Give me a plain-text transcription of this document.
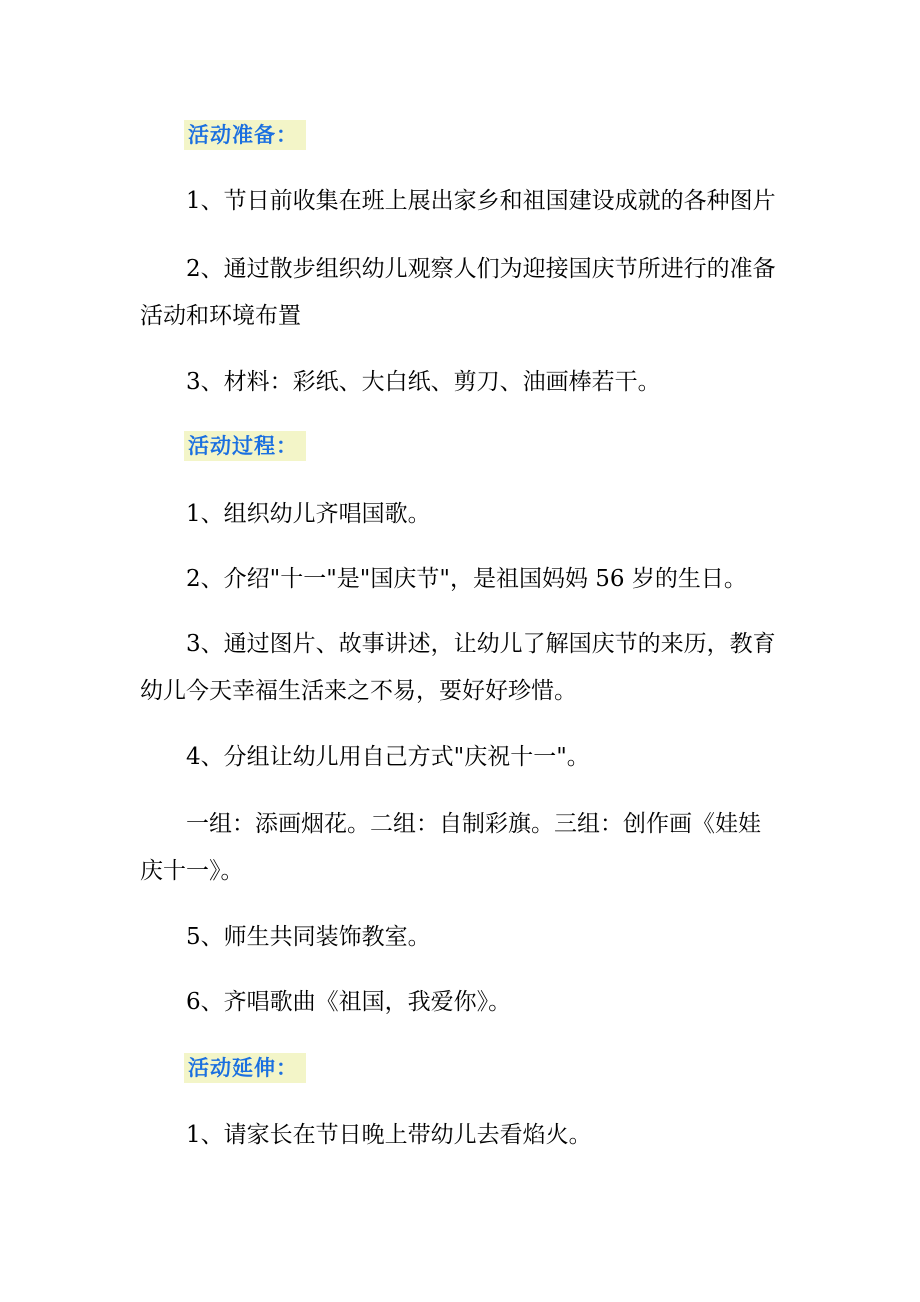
活动准备：
1、节日前收集在班上展出家乡和祖国建设成就的各种图片
2、通过散步组织幼儿观察人们为迎接国庆节所进行的准备
活动和环境布置
3、材料：彩纸、大白纸、剪刀、油画棒若干。
活动过程：
1、组织幼儿齐唱国歌。
2、介绍"十一"是"国庆节"，是祖国妈妈 56 岁的生日。
3、通过图片、故事讲述，让幼儿了解国庆节的来历，教育
幼儿今天幸福生活来之不易，要好好珍惜。
4、分组让幼儿用自己方式"庆祝十一"。
一组：添画烟花。二组：自制彩旗。三组：创作画《娃娃
庆十一》。
5、师生共同装饰教室。
6、齐唱歌曲《祖国，我爱你》。
活动延伸：
1、请家长在节日晚上带幼儿去看焰火。
